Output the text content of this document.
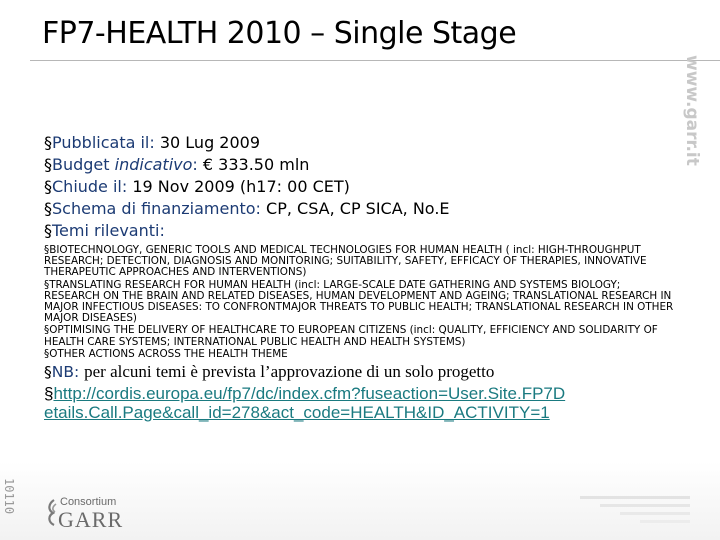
FP7-HEALTH 2010 – Single Stage
www.garr.it

§Pubblicata il: 30 Lug 2009

§Budget indicativo: € 333.50 mln

§Chiude il: 19 Nov 2009 (h17: 00 CET)

§Schema di finanziamento: CP, CSA, CP SICA, No.E

§Temi rilevanti:

§BIOTECHNOLOGY, GENERIC TOOLS AND MEDICAL TECHNOLOGIES FOR HUMAN HEALTH ( incl: HIGH-THROUGHPUT RESEARCH; DETECTION, DIAGNOSIS AND MONITORING; SUITABILITY, SAFETY, EFFICACY OF THERAPIES, INNOVATIVE THERAPEUTIC APPROACHES AND INTERVENTIONS)

§TRANSLATING RESEARCH FOR HUMAN HEALTH (incl: LARGE-SCALE DATE GATHERING AND SYSTEMS BIOLOGY; RESEARCH ON THE BRAIN AND RELATED DISEASES, HUMAN DEVELOPMENT AND AGEING; TRANSLATIONAL RESEARCH IN MAJOR INFECTIOUS DISEASES: TO CONFRONTMAJOR THREATS TO PUBLIC HEALTH; TRANSLATIONAL RESEARCH IN OTHER MAJOR DISEASES)

§OPTIMISING THE DELIVERY OF HEALTHCARE TO EUROPEAN CITIZENS (incl: QUALITY, EFFICIENCY AND SOLIDARITY OF HEALTH CARE SYSTEMS; INTERNATIONAL PUBLIC HEALTH AND HEALTH SYSTEMS)

§OTHER ACTIONS ACROSS THE HEALTH THEME

§NB: per alcuni temi è prevista l’approvazione di un solo progetto

§http://cordis.europa.eu/fp7/dc/index.cfm?fuseaction=User.Site.FP7D
etails.Call.Page&call_id=278&act_code=HEALTH&ID_ACTIVITY=1
10110	Consortium
GARR
